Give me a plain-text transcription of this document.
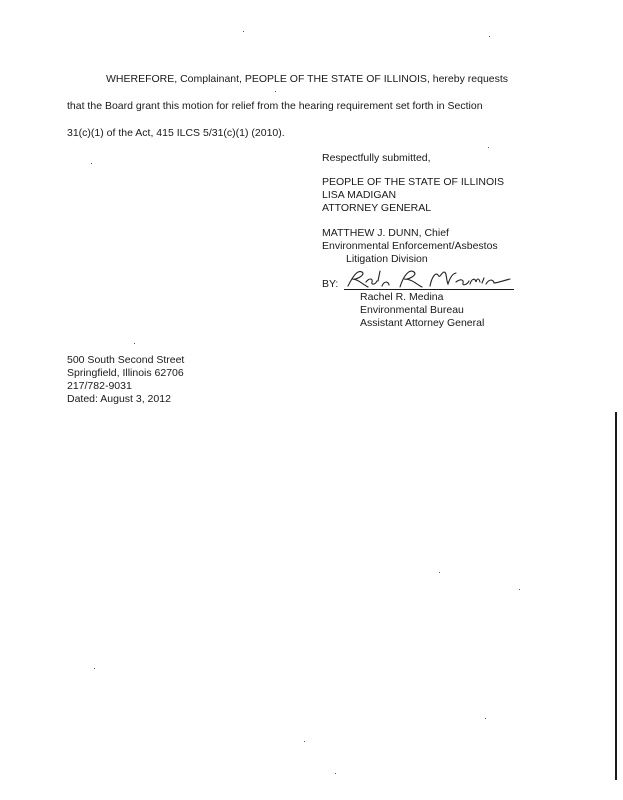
WHEREFORE, Complainant, PEOPLE OF THE STATE OF ILLINOIS, hereby requests
that the Board grant this motion for relief from the hearing requirement set forth in Section
31(c)(1) of the Act, 415 ILCS 5/31(c)(1) (2010).
Respectfully submitted,
PEOPLE OF THE STATE OF ILLINOIS
LISA MADIGAN
ATTORNEY GENERAL
MATTHEW J. DUNN, Chief
Environmental Enforcement/Asbestos
Litigation Division
BY:
Rachel R. Medina
Environmental Bureau
Assistant Attorney General
500 South Second Street
Springfield, Illinois 62706
217/782-9031
Dated: August 3, 2012
